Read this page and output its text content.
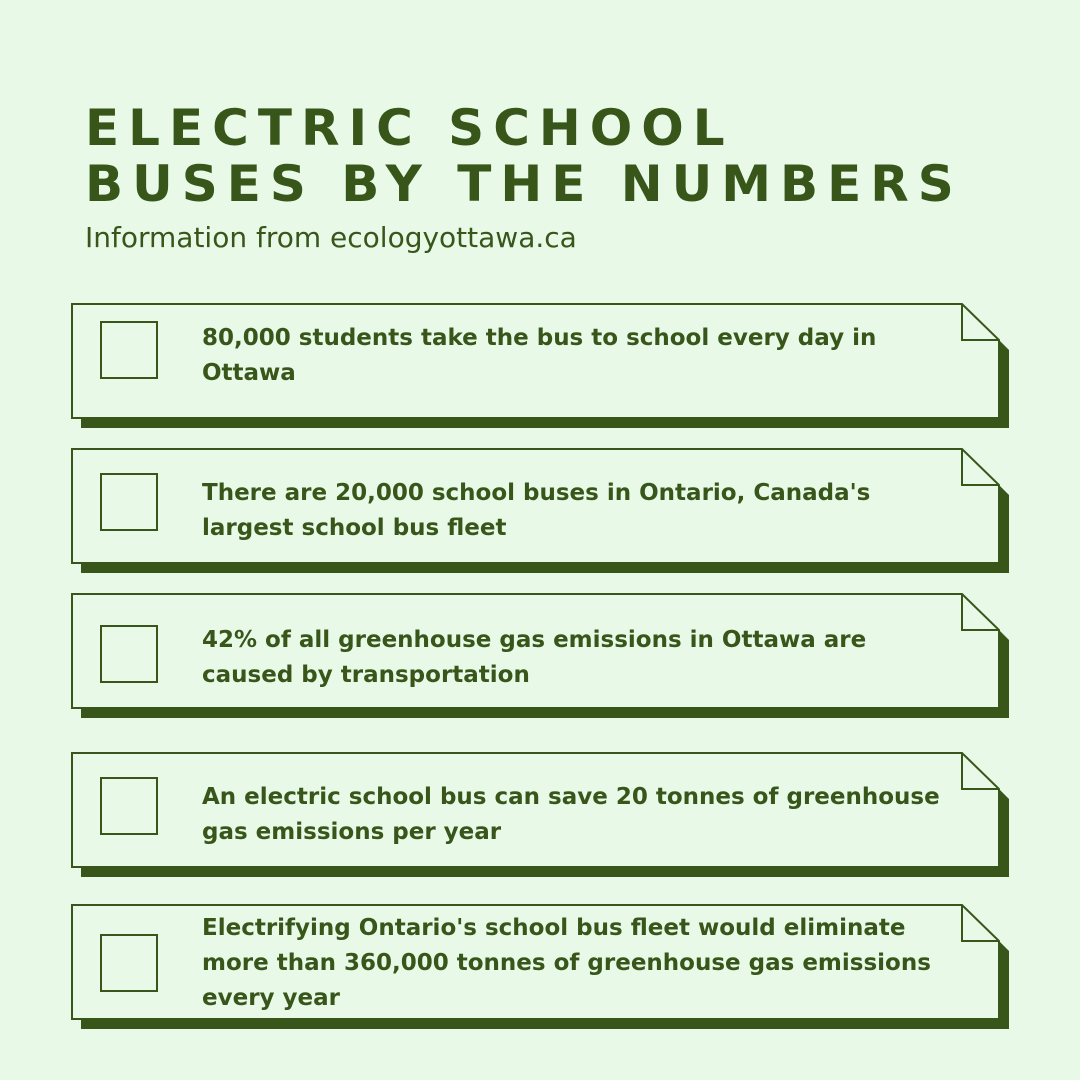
ELECTRIC SCHOOL
BUSES BY THE NUMBERS
Information from ecologyottawa.ca
80,000 students take the bus to school every day in Ottawa
There are 20,000 school buses in Ontario, Canada's largest school bus fleet
42% of all greenhouse gas emissions in Ottawa are caused by transportation
An electric school bus can save 20 tonnes of greenhouse gas emissions per year
Electrifying Ontario's school bus fleet would eliminate more than 360,000 tonnes of greenhouse gas emissions every year
